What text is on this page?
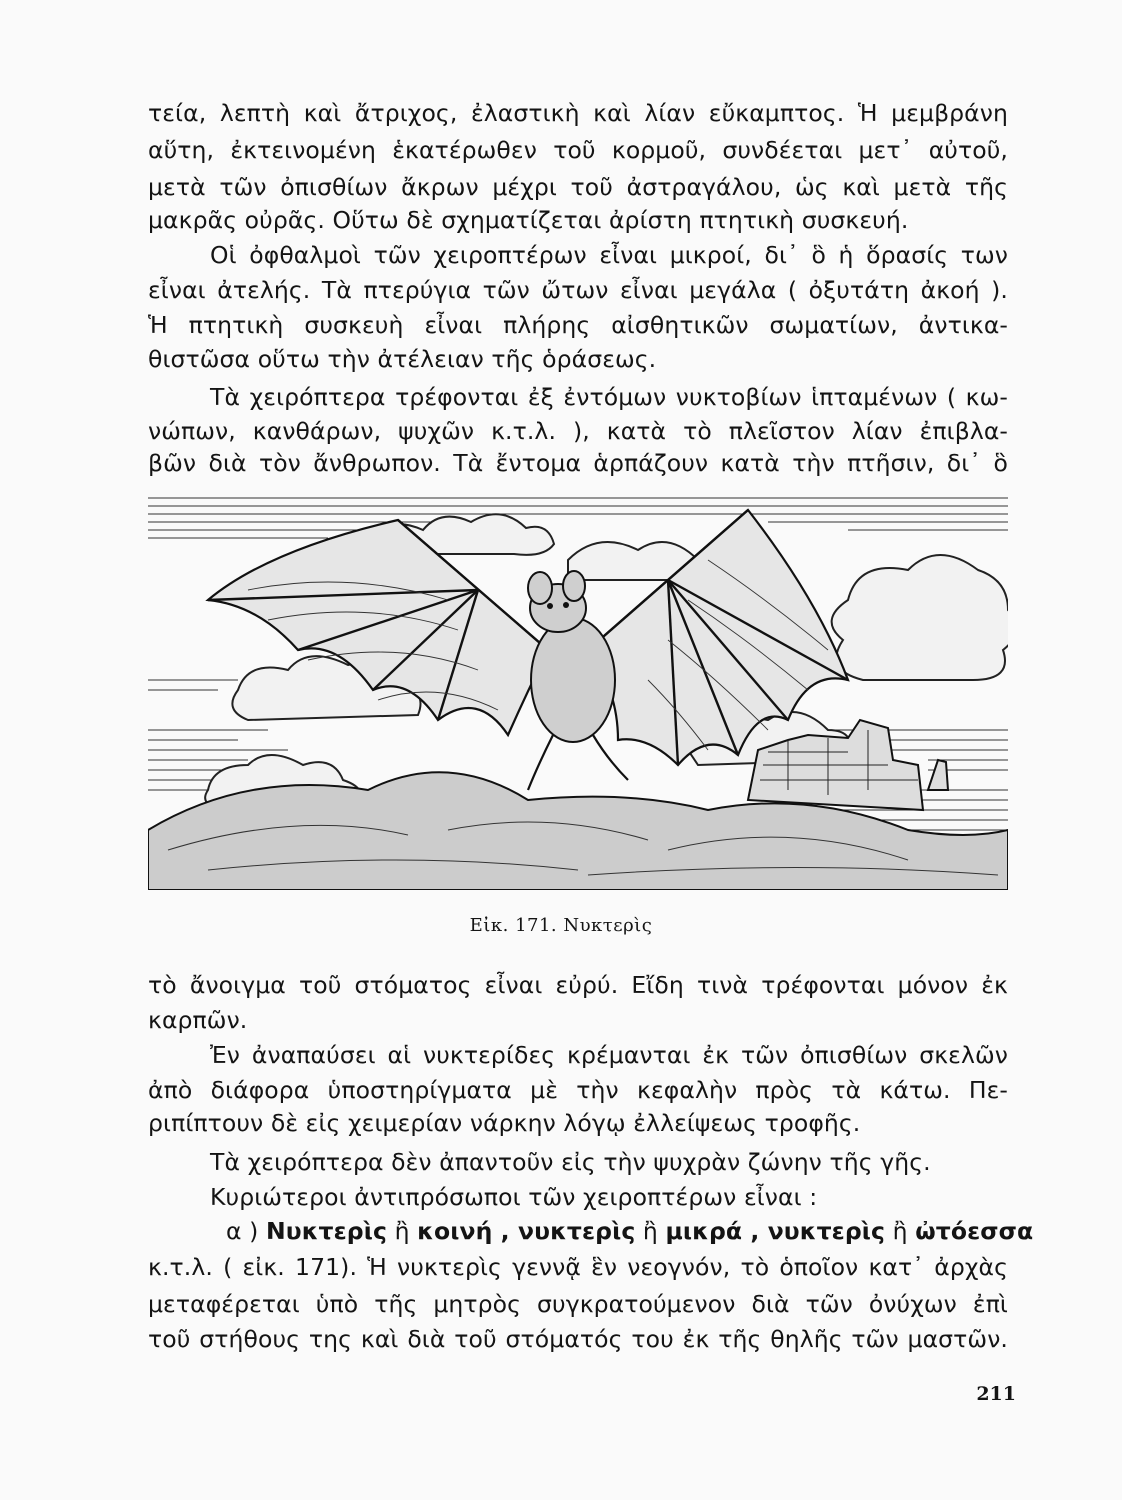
τεία, λεπτὴ καὶ ἄτριχος, ἐλαστικὴ καὶ λίαν εὔκαμπτος. Ἡ μεμβράνη
αὕτη, ἐκτεινομένη ἑκατέρωθεν τοῦ κορμοῦ, συνδέεται μετ᾽ αὐτοῦ,
μετὰ τῶν ὀπισθίων ἄκρων μέχρι τοῦ ἀστραγάλου, ὡς καὶ μετὰ τῆς
μακρᾶς οὐρᾶς. Οὕτω δὲ σχηματίζεται ἀρίστη πτητικὴ συσκευή.
Οἱ ὀφθαλμοὶ τῶν χειροπτέρων εἶναι μικροί, δι᾽ ὃ ἡ ὅρασίς των
εἶναι ἀτελής. Τὰ πτερύγια τῶν ὤτων εἶναι μεγάλα ( ὀξυτάτη ἀκοή ).
Ἡ πτητικὴ συσκευὴ εἶναι πλήρης αἰσθητικῶν σωματίων, ἀντικα-
θιστῶσα οὕτω τὴν ἀτέλειαν τῆς ὁράσεως.
Τὰ χειρόπτερα τρέφονται ἐξ ἐντόμων νυκτοβίων ἱπταμένων ( κω-
νώπων, κανθάρων, ψυχῶν κ.τ.λ. ), κατὰ τὸ πλεῖστον λίαν ἐπιβλα-
βῶν διὰ τὸν ἄνθρωπον. Τὰ ἔντομα ἁρπάζουν κατὰ τὴν πτῆσιν, δι᾽ ὃ
Εἰκ. 171. Νυκτερὶς
τὸ ἄνοιγμα τοῦ στόματος εἶναι εὐρύ. Εἴδη τινὰ τρέφονται μόνον ἐκ
καρπῶν.
Ἐν ἀναπαύσει αἱ νυκτερίδες κρέμανται ἐκ τῶν ὀπισθίων σκελῶν
ἀπὸ διάφορα ὑποστηρίγματα μὲ τὴν κεφαλὴν πρὸς τὰ κάτω. Πε-
ριπίπτουν δὲ εἰς χειμερίαν νάρκην λόγῳ ἐλλείψεως τροφῆς.
Τὰ χειρόπτερα δὲν ἀπαντοῦν εἰς τὴν ψυχρὰν ζώνην τῆς γῆς.
Κυριώτεροι ἀντιπρόσωποι τῶν χειροπτέρων εἶναι :
α ) Νυκτερὶς ἢ κοινή , νυκτερὶς ἢ μικρά , νυκτερὶς ἢ ὠτόεσσα
κ.τ.λ. ( εἰκ. 171). Ἡ νυκτερὶς γεννᾷ ἓν νεογνόν, τὸ ὁποῖον κατ᾽ ἀρχὰς
μεταφέρεται ὑπὸ τῆς μητρὸς συγκρατούμενον διὰ τῶν ὀνύχων ἐπὶ
τοῦ στήθους της καὶ διὰ τοῦ στόματός του ἐκ τῆς θηλῆς τῶν μαστῶν.
211
